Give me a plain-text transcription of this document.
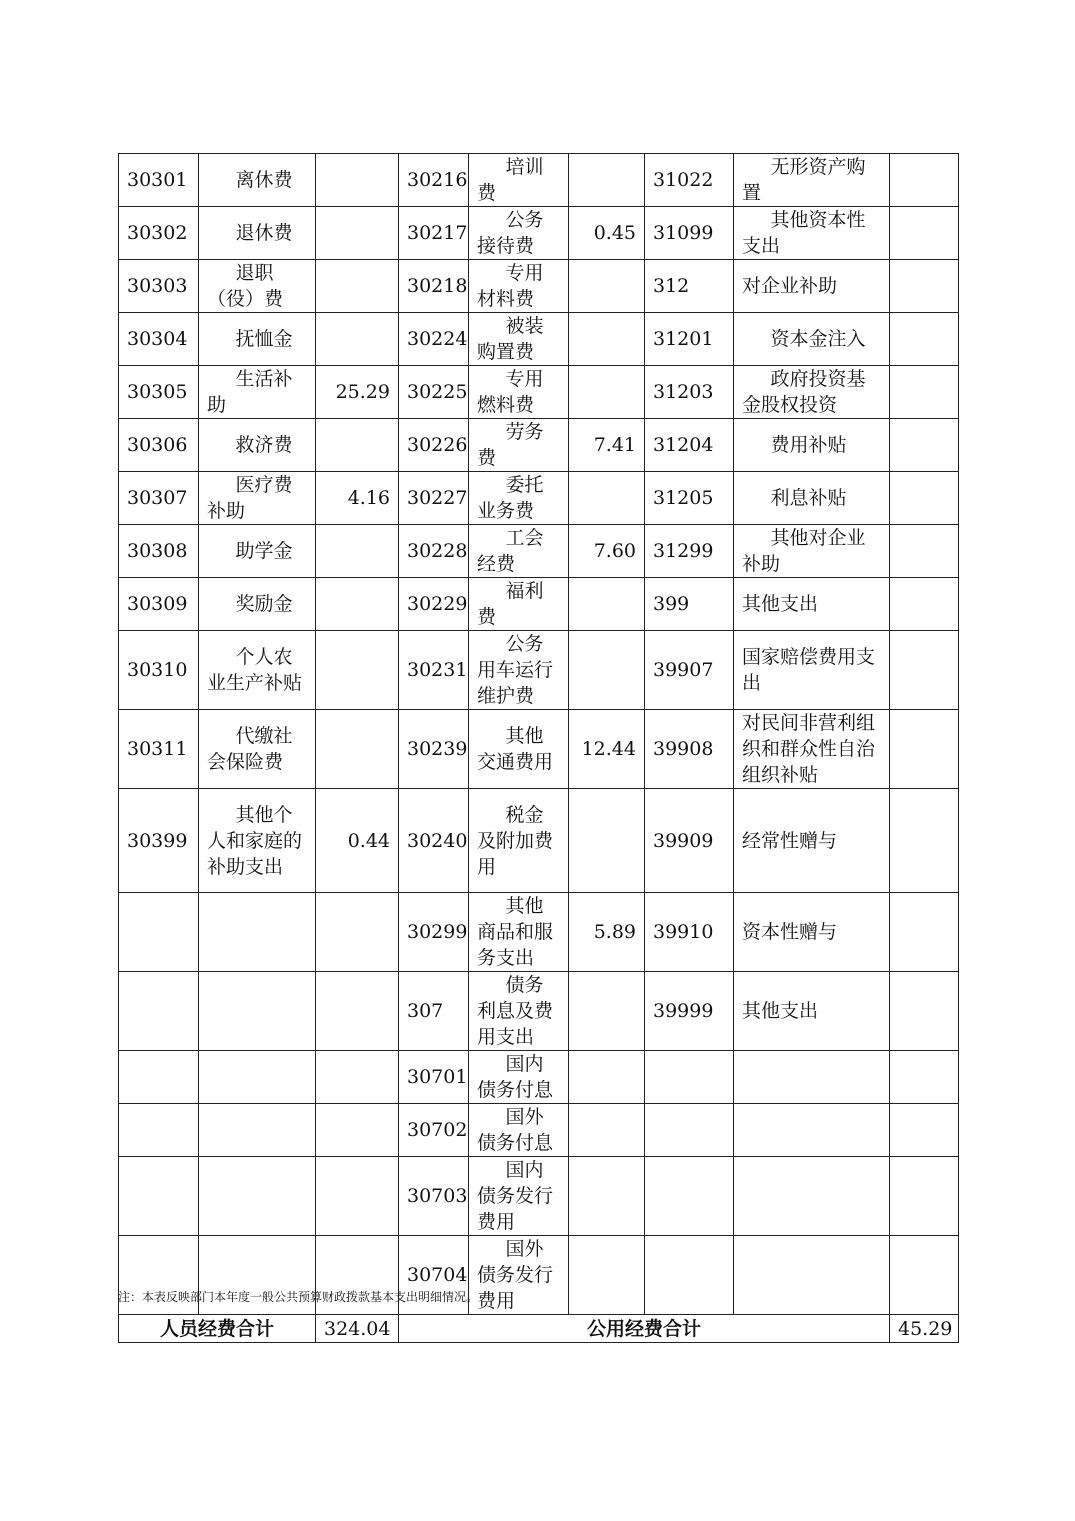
30301	离休费		30216	培训费		31022	无形资产购置	

30302	退休费		30217	公务接待费	0.45	31099	其他资本性支出	

30303	退职（役）费		30218	专用材料费		312	对企业补助	

30304	抚恤金		30224	被装购置费		31201	资本金注入	

30305	生活补助	25.29	30225	专用燃料费		31203	政府投资基金股权投资	

30306	救济费		30226	劳务费	7.41	31204	费用补贴	

30307	医疗费补助	4.16	30227	委托业务费		31205	利息补贴	

30308	助学金		30228	工会经费	7.60	31299	其他对企业补助	

30309	奖励金		30229	福利费		399	其他支出	

30310	个人农业生产补贴		30231	公务用车运行维护费		39907	国家赔偿费用支出	

30311	代缴社会保险费		30239	其他交通费用	12.44	39908	对民间非营利组织和群众性自治组织补贴	

30399	其他个人和家庭的补助支出	0.44	30240	税金及附加费用		39909	经常性赠与	

		30299	其他商品和服务支出	5.89	39910	资本性赠与	

		307	债务利息及费用支出		39999	其他支出	

		30701	国内债务付息				

		30702	国外债务付息				

		30703	国内债务发行费用				

		30704	国外债务发行费用				

人员经费合计		324.04	公用经费合计					45.29
注：本表反映部门本年度一般公共预算财政拨款基本支出明细情况。
